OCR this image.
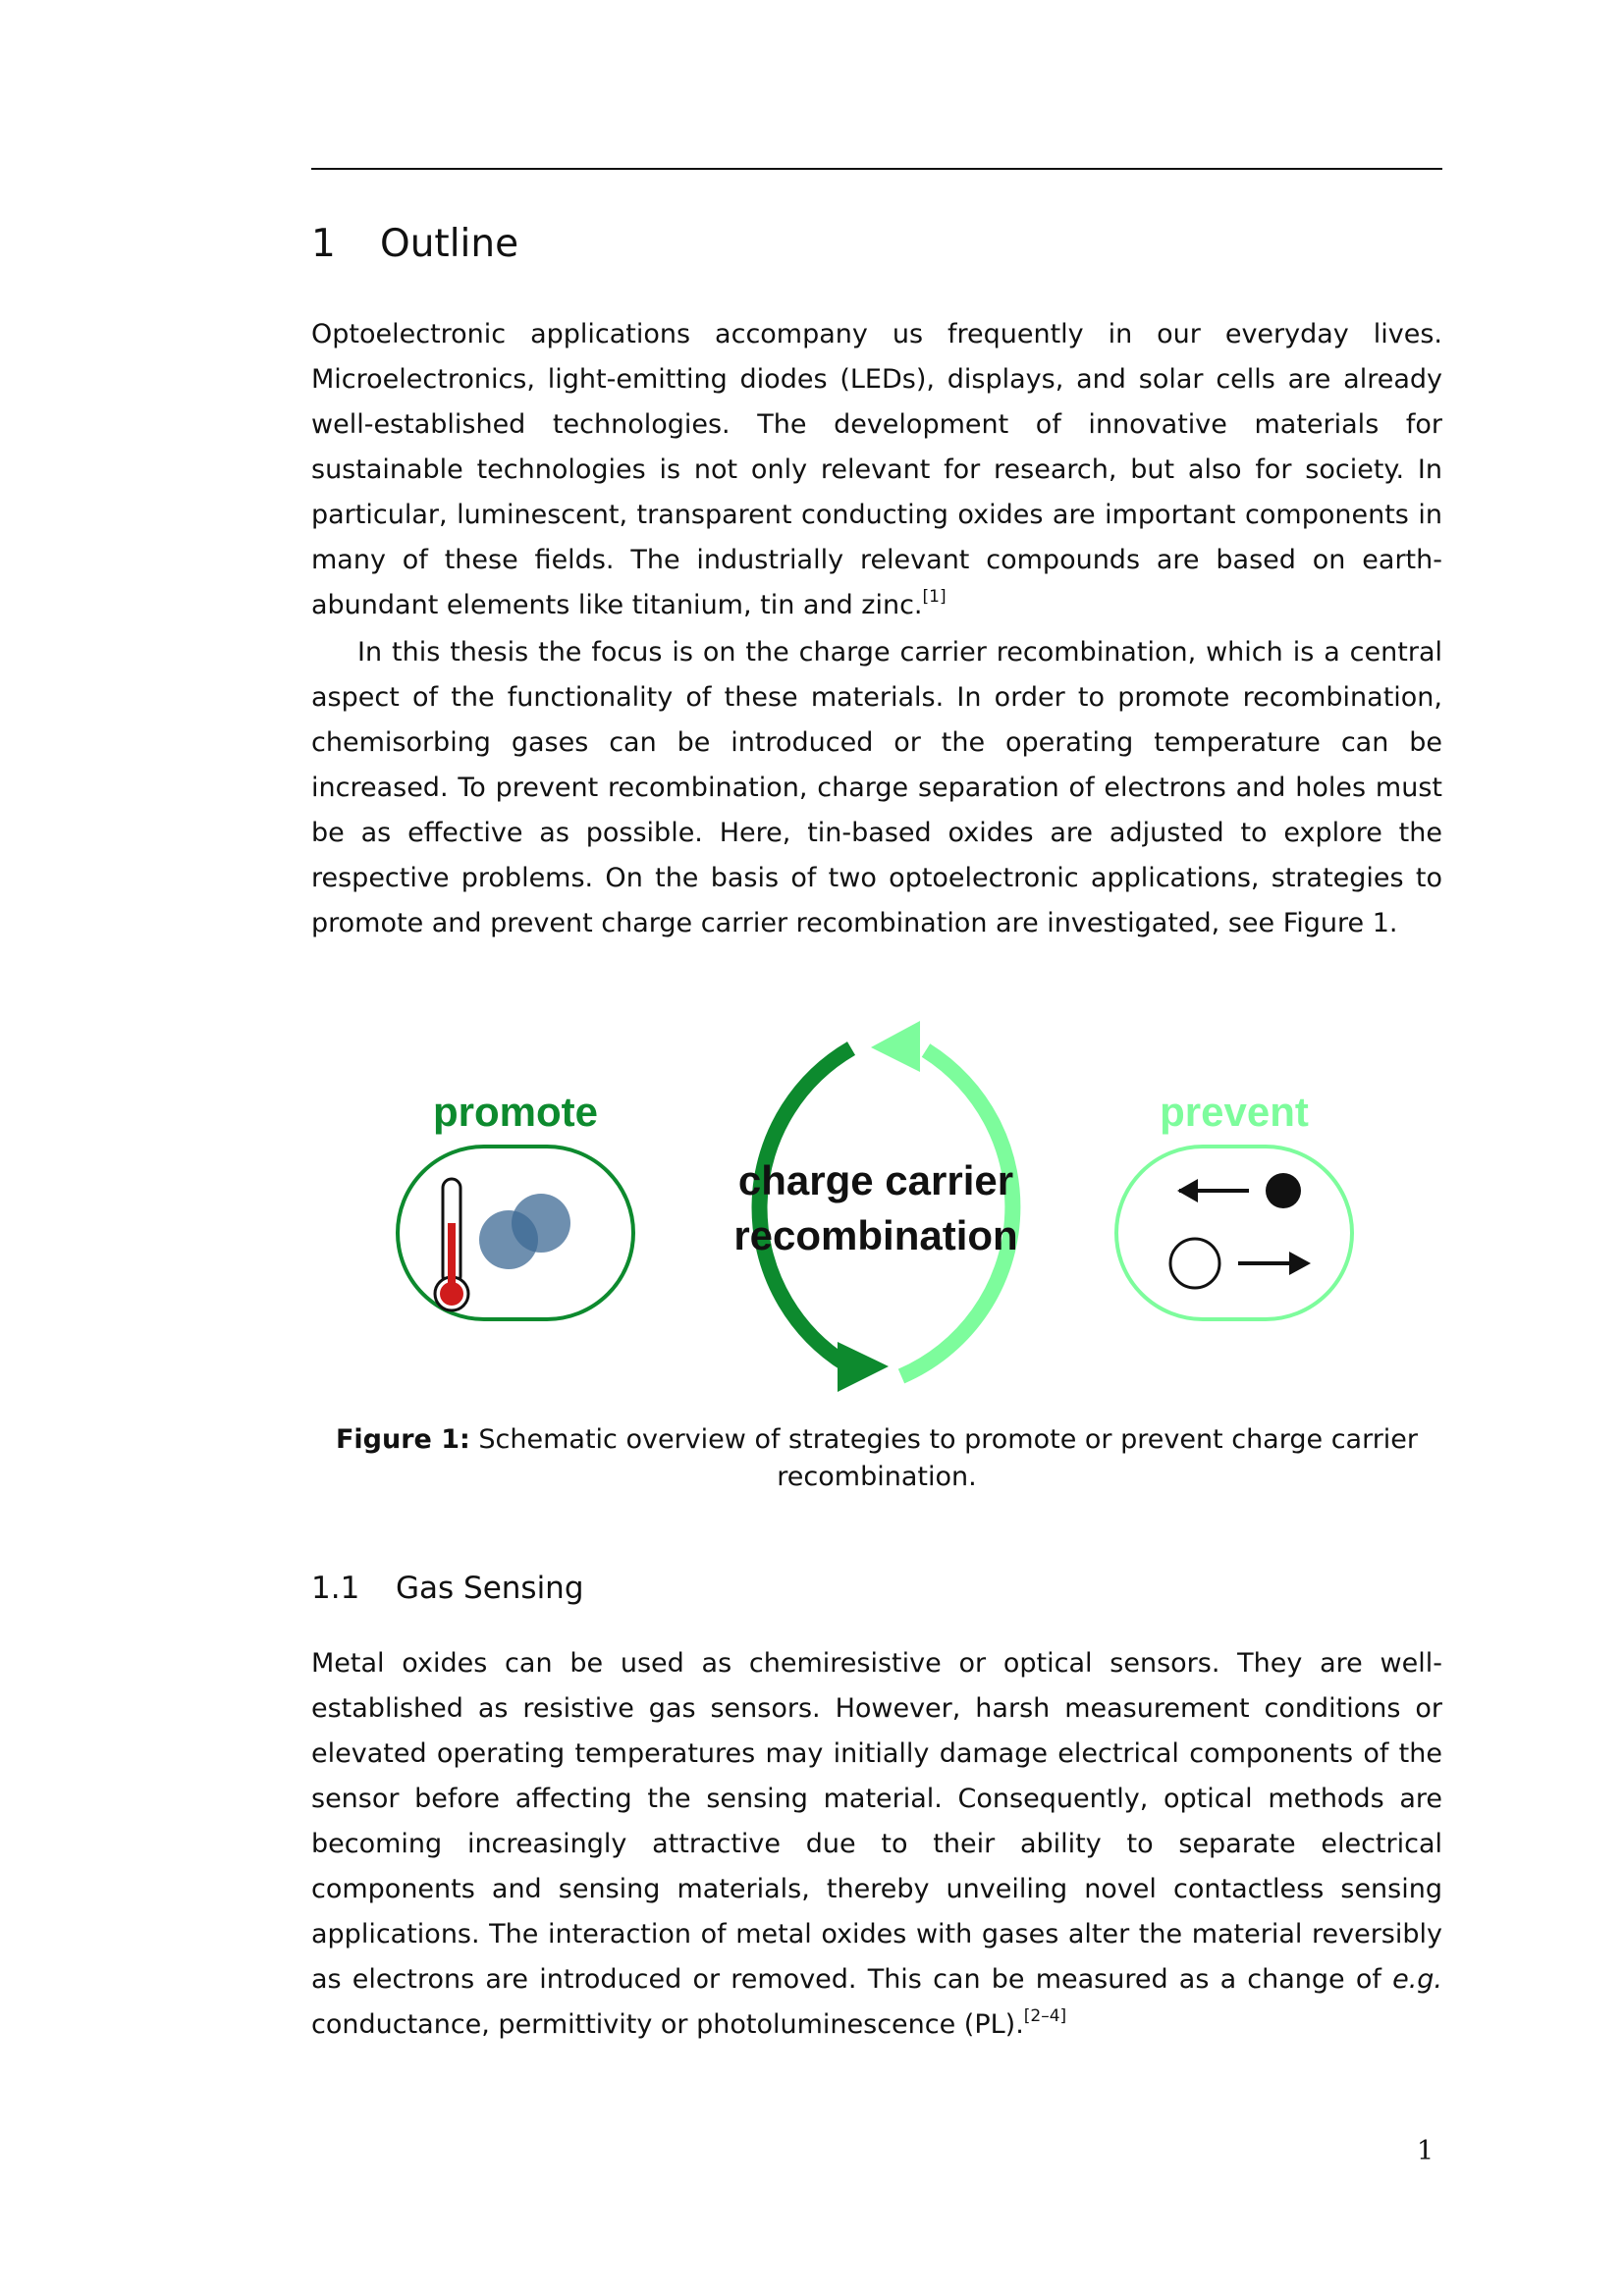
1 Outline

Optoelectronic applications accompany us frequently in our everyday lives. Microelectronics, light-emitting diodes (LEDs), displays, and solar cells are already well-established technologies. The development of innovative materials for sustainable technologies is not only relevant for research, but also for society. In particular, luminescent, transparent conducting oxides are important components in many of these fields. The industrially relevant compounds are based on earth-abundant elements like titanium, tin and zinc.[1]

In this thesis the focus is on the charge carrier recombination, which is a central aspect of the functionality of these materials. In order to promote recombination, chemisorbing gases can be introduced or the operating temperature can be increased. To prevent recombination, charge separation of electrons and holes must be as effective as possible. Here, tin-based oxides are adjusted to explore the respective problems. On the basis of two optoelectronic applications, strategies to promote and prevent charge carrier recombination are investigated, see Figure 1.

charge carrier
recombination
promote	prevent

Figure 1: Schematic overview of strategies to promote or prevent charge carrier recombination.

1.1 Gas Sensing

Metal oxides can be used as chemiresistive or optical sensors. They are well-established as resistive gas sensors. However, harsh measurement conditions or elevated operating temperatures may initially damage electrical components of the sensor before affecting the sensing material. Consequently, optical methods are becoming increasingly attractive due to their ability to separate electrical components and sensing materials, thereby unveiling novel contactless sensing applications. The interaction of metal oxides with gases alter the material reversibly as electrons are introduced or removed. This can be measured as a change of e.g. conductance, permittivity or photoluminescence (PL).[2–4]

1
